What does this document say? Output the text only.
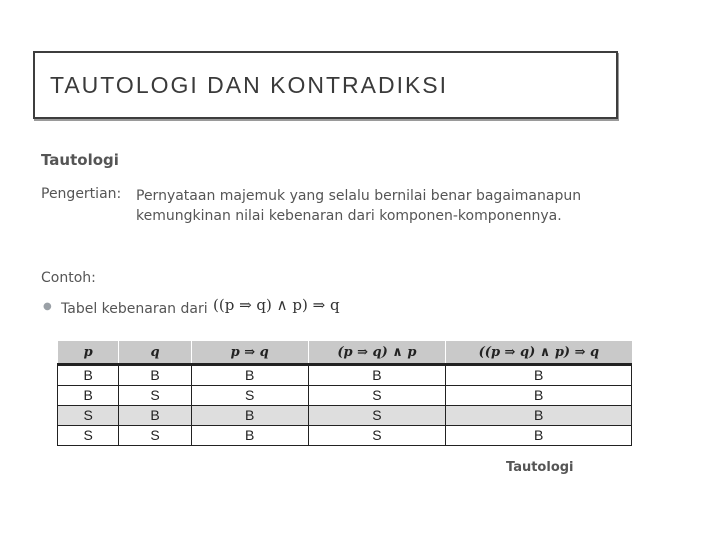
TAUTOLOGI DAN KONTRADIKSI
Tautologi
Pengertian: Pernyataan majemuk yang selalu bernilai benar bagaimanapun kemungkinan nilai kebenaran dari komponen-komponennya.
Contoh:
● Tabel kebenaran dari ((p ⇒ q) ∧ p) ⇒ q
p	q	p ⇒ q	(p ⇒ q) ∧ p	((p ⇒ q) ∧ p) ⇒ q
B	B	B	B	B
B	S	S	S	B
S	B	B	S	B
S	S	B	S	B
Tautologi
